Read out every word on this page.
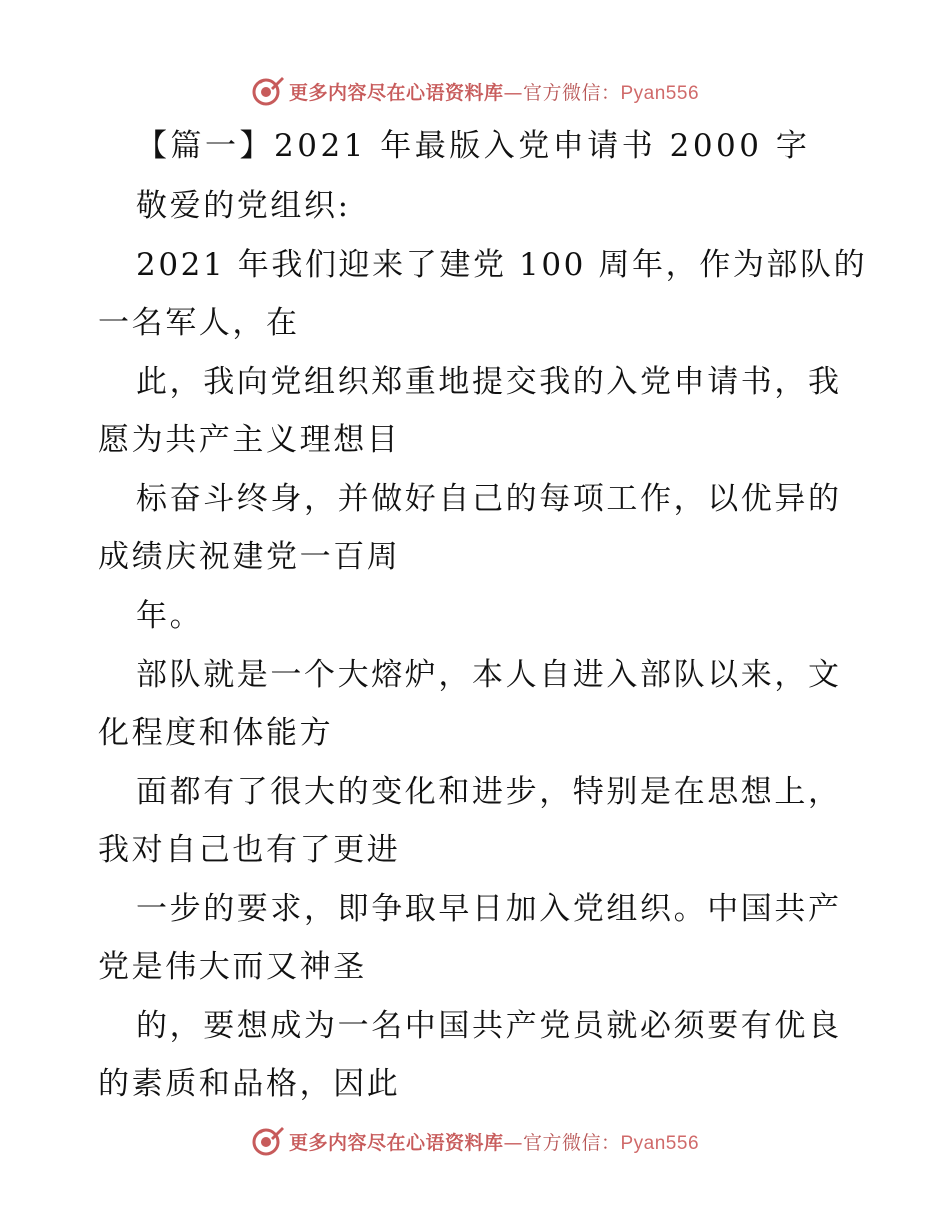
更多内容尽在心语资料库—官方微信：Pyan556
【篇一】2021 年最版入党申请书 2000 字
敬爱的党组织:
2021 年我们迎来了建党 100 周年，作为部队的
一名军人，在
此，我向党组织郑重地提交我的入党申请书，我
愿为共产主义理想目
标奋斗终身，并做好自己的每项工作，以优异的
成绩庆祝建党一百周
年。
部队就是一个大熔炉，本人自进入部队以来，文
化程度和体能方
面都有了很大的变化和进步，特别是在思想上，
我对自己也有了更进
一步的要求，即争取早日加入党组织。中国共产
党是伟大而又神圣
的，要想成为一名中国共产党员就必须要有优良
的素质和品格，因此
更多内容尽在心语资料库—官方微信：Pyan556
